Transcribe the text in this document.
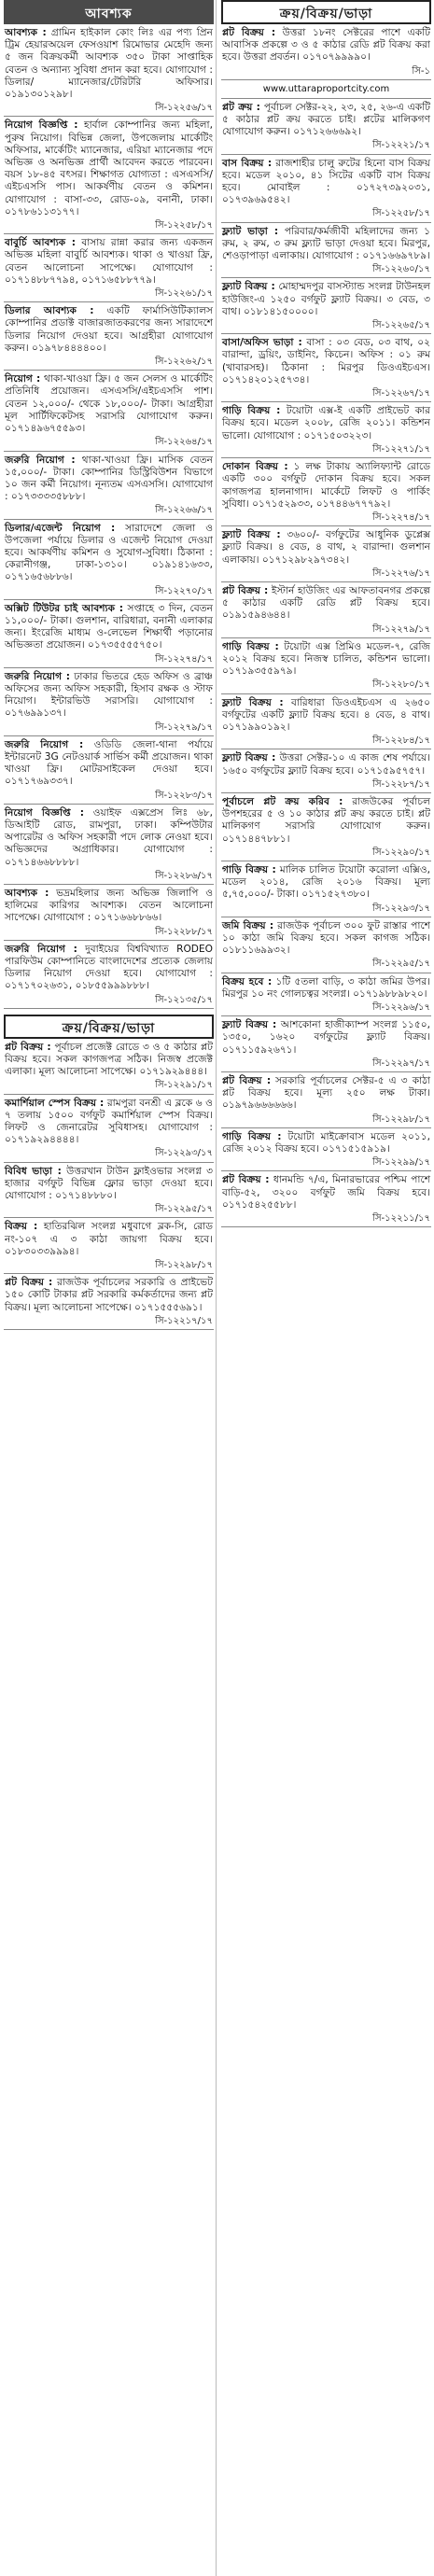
আবশ্যক
আবশ্যক : গ্রামিন হাইকাল কোং লিঃ এর পণ্য প্রিন ট্রিম হেয়ারঅয়েল ফেসওয়াশ রিমোভার মেহেদি জন্য ৫ জন বিক্রয়কর্মী আবশ্যক ৩৫০ টাকা সাপ্তাহিক বেতন ও অন্যান্য সুবিধা প্রদান করা হবে। যোগাযোগ : ডিলার/ ম্যানেজার/টেরিটরি অফিসার। ০১৯১৩০১২৯৮।
সি-১২২৫৬/১৭
নিয়োগ বিজ্ঞপ্তি : হার্বাল কোম্পানির জন্য মহিলা, পুরুষ নিয়োগ। বিভিন্ন জেলা, উপজেলায় মার্কেটিং অফিসার, মার্কেটিং ম্যানেজার, এরিয়া ম্যানেজার পদে অভিজ্ঞ ও অনভিজ্ঞ প্রার্থী আবেদন করতে পারবেন। বয়স ১৮-৪৫ বৎসর। শিক্ষাগত যোগ্যতা : এসএসসি/এইচএসসি পাস। আকর্ষণীয় বেতন ও কমিশন। যোগাযোগ : বাসা-৩৩, রোড-০৯, বনানী, ঢাকা। ০১৭৮৬১১৩১৭৭।
সি-১২২৫৮/১৭
বাবুর্চি আবশ্যক : বাসায় রান্না করার জন্য একজন অভিজ্ঞ মহিলা বাবুর্চি আবশ্যক। থাকা ও খাওয়া ফ্রি, বেতন আলোচনা সাপেক্ষে। যোগাযোগ : ০১৭১৪৮৮৭৭৯৪, ০১৭১৬৫৮৮৭৭৯।
সি-১২২৬১/১৭
ডিলার আবশ্যক : একটি ফার্মাসিউটিক্যালস কোম্পানির প্রডাক্ট বাজারজাতকরণের জন্য সারাদেশে ডিলার নিয়োগ দেওয়া হবে। আগ্রহীরা যোগাযোগ করুন। ০১৯৭৮৪৪৪৪০০।
সি-১২২৬২/১৭
নিয়োগ : থাকা-খাওয়া ফ্রি। ৫ জন সেলস ও মার্কেটিং প্রতিনিধি প্রয়োজন। এসএসসি/এইচএসসি পাশ। বেতন ১২,০০০/- থেকে ১৮,০০০/- টাকা। আগ্রহীরা মূল সার্টিফিকেটসহ সরাসরি যোগাযোগ করুন। ০১৭১৪৯৬৭৫৫৯৩।
সি-১২২৬৪/১৭
জরুরি নিয়োগ : থাকা-খাওয়া ফ্রি। মাসিক বেতন ১৫,০০০/- টাকা। কোম্পানির ডিস্ট্রিবিউশন বিভাগে ১০ জন কর্মী নিয়োগ। নূন্যতম এসএসসি। যোগাযোগ : ০১৭৩৩৩৩৫৮৮৮।
সি-১২২৬৬/১৭
ডিলার/এজেন্ট নিয়োগ : সারাদেশে জেলা ও উপজেলা পর্যায়ে ডিলার ও এজেন্ট নিয়োগ দেওয়া হবে। আকর্ষণীয় কমিশন ও সুযোগ-সুবিধা। ঠিকানা : কেরানীগঞ্জ, ঢাকা-১৩১০। ০১৯১৪১৬৩৩, ০১৭১৬৫৬৮৮৬।
সি-১২২৭০/১৭
অক্সিট টিউটর চাই আবশ্যক : সপ্তাহে ৩ দিন, বেতন ১১,০০০/- টাকা। গুলশান, বারিধারা, বনানী এলাকার জন্য। ইংরেজি মাধ্যম ও-লেভেল শিক্ষার্থী পড়ানোর অভিজ্ঞতা প্রয়োজন। ০১৭৩৫৫৫৫৭৫০।
সি-১২২৭৪/১৭
জরুরি নিয়োগ : ঢাকার ভিতরে হেড অফিস ও ব্রাঞ্চ অফিসের জন্য অফিস সহকারী, হিসাব রক্ষক ও স্টাফ নিয়োগ। ইন্টারভিউ সরাসরি। যোগাযোগ : ০১৭৬৯৯১৩৭।
সি-১২২৭৯/১৭
জরুরি নিয়োগ : ওডিডি জেলা-থানা পর্যায়ে ইন্টারনেট 3G নেটওয়ার্ক সার্ভিস কর্মী প্রয়োজন। থাকা খাওয়া ফ্রি। মোটরসাইকেল দেওয়া হবে। ০১৭১৭৬৯৩৩৭।
সি-১২২৮৩/১৭
নিয়োগ বিজ্ঞপ্তি : ওয়াইফ এক্সপ্রেস লিঃ ৬৮, ডিআইটি রোড, রামপুরা, ঢাকা। কম্পিউটার অপারেটর ও অফিস সহকারী পদে লোক নেওয়া হবে। অভিজ্ঞদের অগ্রাধিকার। যোগাযোগ : ০১৭১৪৬৬৮৮৮৮।
সি-১২২৮৬/১৭
আবশ্যক : ভদ্রমহিলার জন্য অভিজ্ঞ জিলাপি ও হালিমের কারিগর আবশ্যক। বেতন আলোচনা সাপেক্ষে। যোগাযোগ : ০১৭১৬৬৮৮৬৬।
সি-১২২৮৮/১৭
জরুরি নিয়োগ : দুবাইয়ের বিশ্ববিখ্যাত RODEO পারফিউম কোম্পানিতে বাংলাদেশের প্রত্যেক জেলায় ডিলার নিয়োগ দেওয়া হবে। যোগাযোগ : ০১৭১৭০২৬৩১, ০১৮৫৫৯৯৯৮৮৮।
সি-১২১৩৫/১৭
ক্রয়/বিক্রয়/ভাড়া
প্লট বিক্রয় : পূর্বাচল প্রজেক্ট রোডে ৩ ও ৫ কাঠার প্লট বিক্রয় হবে। সকল কাগজপত্র সঠিক। নিজস্ব প্রজেক্ট এলাকা। মূল্য আলোচনা সাপেক্ষে। ০১৭১৯২৯৪৪৪।
সি-১২২৯১/১৭
কমার্শিয়াল স্পেস বিক্রয় : রামপুরা বনশ্রী এ ব্লকে ৬ ও ৭ তলায় ১৫০০ বর্গফুট কমার্শিয়াল স্পেস বিক্রয়। লিফট ও জেনারেটর সুবিধাসহ। যোগাযোগ : ০১৭১৯২৯৪৪৪৪।
সি-১২২৯৩/১৭
বিবিধ ভাড়া : উত্তরখান টাউন ফ্লাইওভার সংলগ্ন ৩ হাজার বর্গফুট বিভিন্ন ফ্লোর ভাড়া দেওয়া হবে। যোগাযোগ : ০১৭১৪৮৮৮০।
সি-১২২৯৫/১৭
বিক্রয় : হাতিরঝিল সংলগ্ন মধুবাগে ব্লক-সি, রোড নং-১০৭ এ ৩ কাঠা জায়গা বিক্রয় হবে। ০১৮৩০৩৩৯৯৯৪।
সি-১২২৯৮/১৭
প্লট বিক্রয় : রাজউক পূর্বাচলের সরকারি ও প্রাইভেট ১৫০ কোটি টাকার প্লট সরকারি কর্মকর্তাদের জন্য প্লট বিক্রয়। মূল্য আলোচনা সাপেক্ষে। ০১৭১৫৫৫৬৯১।
সি-১২২১৭/১৭
ক্রয়/বিক্রয়/ভাড়া
প্লট বিক্রয় : উত্তরা ১৮নং সেক্টরের পাশে একটি আবাসিক প্রকল্পে ৩ ও ৫ কাঠার রেডি প্লট বিক্রয় করা হবে। উত্তরা প্রবর্তন। ০১৭০৭৯৯৯৯০।
সি-১
www.uttaraproportcity.com
প্লট ক্রয় : পূর্বাচল সেক্টর-২২, ২৩, ২৫, ২৬-এ একটি ৫ কাঠার প্লট ক্রয় করতে চাই। প্লটের মালিকগণ যোগাযোগ করুন। ০১৭১২৬৬৬৯২।
সি-১২২২১/১৭
বাস বিক্রয় : রাজশাহীর চালু রুটের হিনো বাস বিক্রয় হবে। মডেল ২০১০, ৪১ সিটের একটি বাস বিক্রয় হবে। মোবাইল : ০১৭২৭৩৯২০৩১, ০১৭৩৯৬৯৫৪২।
সি-১২২৫৮/১৭
ফ্ল্যাট ভাড়া : পরিবার/কর্মজীবী মহিলাদের জন্য ১ রুম, ২ রুম, ৩ রুম ফ্ল্যাট ভাড়া দেওয়া হবে। মিরপুর, শেওড়াপাড়া এলাকায়। যোগাযোগ : ০১৭১৬৬৯৭৮৯।
সি-১২২৬০/১৭
ফ্ল্যাট বিক্রয় : মোহাম্মদপুর বাসস্ট্যান্ড সংলগ্ন টাউনহল হাউজিং-এ ১২৫০ বর্গফুট ফ্ল্যাট বিক্রয়। ৩ বেড, ৩ বাথ। ০১৮১৪১৫০০০০।
সি-১২২৬৫/১৭
বাসা/অফিস ভাড়া : বাসা : ০৩ বেড, ০৩ বাথ, ০২ বারান্দা, ড্রয়িং, ডাইনিং, কিচেন। অফিস : ০১ রুম (খাবারসহ)। ঠিকানা : মিরপুর ডিওএইচএস। ০১৭১৪২০১২৫৭৩৪।
সি-১২২৬৭/১৭
গাড়ি বিক্রয় : টয়োটা এক্স-ই একটি প্রাইভেট কার বিক্রয় হবে। মডেল ২০০৮, রেজি ২০১১। কন্ডিশন ভালো। যোগাযোগ : ০১৭১৫০৩২২৩।
সি-১২২৭১/১৭
দোকান বিক্রয় : ১ লক্ষ টাকায় অ্যালিফ্যান্ট রোডে একটি ৩০০ বর্গফুট দোকান বিক্রয় হবে। সকল কাগজপত্র হালনাগাদ। মার্কেটে লিফট ও পার্কিং সুবিধা। ০১৭১৫২৯৩৩, ০১৭৪৪৬৭৭৭৯২।
সি-১২২৭৪/১৭
ফ্ল্যাট বিক্রয় : ৩৬০০/- বর্গফুটের আধুনিক ডুপ্লেক্স ফ্ল্যাট বিক্রয়। ৪ বেড, ৪ বাথ, ২ বারান্দা। গুলশান এলাকায়। ০১৭১২৯৮২৯৭৩৪২।
সি-১২২৭৬/১৭
প্লট বিক্রয় : ইস্টার্ন হাউজিং এর আফতাবনগর প্রকল্পে ৫ কাঠার একটি রেডি প্লট বিক্রয় হবে। ০১৯১৫৯৪৬৪৪।
সি-১২২৭৯/১৭
গাড়ি বিক্রয় : টয়োটা এক্স প্রিমিও মডেল-৭, রেজি ২০১২ বিক্রয় হবে। নিজস্ব চালিত, কন্ডিশন ভালো। ০১৭১৯৩৫৫৯৭৯।
সি-১২২৮০/১৭
ফ্ল্যাট বিক্রয় : বারিধারা ডিওএইচএস এ ২৬৫০ বর্গফুটের একটি ফ্ল্যাট বিক্রয় হবে। ৪ বেড, ৪ বাথ। ০১৭১৯৯০১৯২।
সি-১২২৮৪/১৭
ফ্ল্যাট বিক্রয় : উত্তরা সেক্টর-১০ এ কাজ শেষ পর্যায়ে। ১৬৫০ বর্গফুটের ফ্ল্যাট বিক্রয় হবে। ০১৭১৫৯৫৭৫৭।
সি-১২২৮৭/১৭
পূর্বাচলে প্লট ক্রয় করিব : রাজউকের পূর্বাচল উপশহরের ৫ ও ১০ কাঠার প্লট ক্রয় করতে চাই। প্লট মালিকগণ সরাসরি যোগাযোগ করুন। ০১৭১৪৪৭৮৮১।
সি-১২২৯০/১৭
গাড়ি বিক্রয় : মালিক চালিত টয়োটা করোলা এক্সিও, মডেল ২০১৪, রেজি ২০১৬ বিক্রয়। মূল্য ৫,৭৫,০০০/- টাকা। ০১৭১৫২৭৩৮০।
সি-১২২৯৩/১৭
জমি বিক্রয় : রাজউক পূর্বাচল ৩০০ ফুট রাস্তার পাশে ১০ কাঠা জমি বিক্রয় হবে। সকল কাগজ সঠিক। ০১৮১১৬৯৯৩২।
সি-১২২৯৫/১৭
বিক্রয় হবে : ১টি ৫তলা বাড়ি, ৩ কাঠা জমির উপর। মিরপুর ১০ নং গোলচত্বর সংলগ্ন। ০১৭১৯৮৮৯৮২০।
সি-১২২৯৬/১৭
ফ্ল্যাট বিক্রয় : আশকোনা হাজীক্যাম্প সংলগ্ন ১১৫০, ১৩৫০, ১৬২০ বর্গফুটের ফ্ল্যাট বিক্রয়। ০১৭১১৫৯২৬৭১।
সি-১২২৯৭/১৭
প্লট বিক্রয় : সরকারি পূর্বাচলের সেক্টর-৫ এ ৩ কাঠা প্লট বিক্রয় হবে। মূল্য ২৫০ লক্ষ টাকা। ০১৯৭৯৬৬৬৬৬৬।
সি-১২২৯৮/১৭
গাড়ি বিক্রয় : টয়োটা মাইক্রোবাস মডেল ২০১১, রেজি ২০১২ বিক্রয় হবে। ০১৭১৫১৫৯১৯।
সি-১২২৯৯/১৭
প্লট বিক্রয় : ধানমন্ডি ৭/এ, মিনারভারের পশ্চিম পাশে বাড়ি-৫২, ৩২০০ বর্গফুট জমি বিক্রয় হবে। ০১৭১৫৪২৫৫৮৮।
সি-১২২১১/১৭
